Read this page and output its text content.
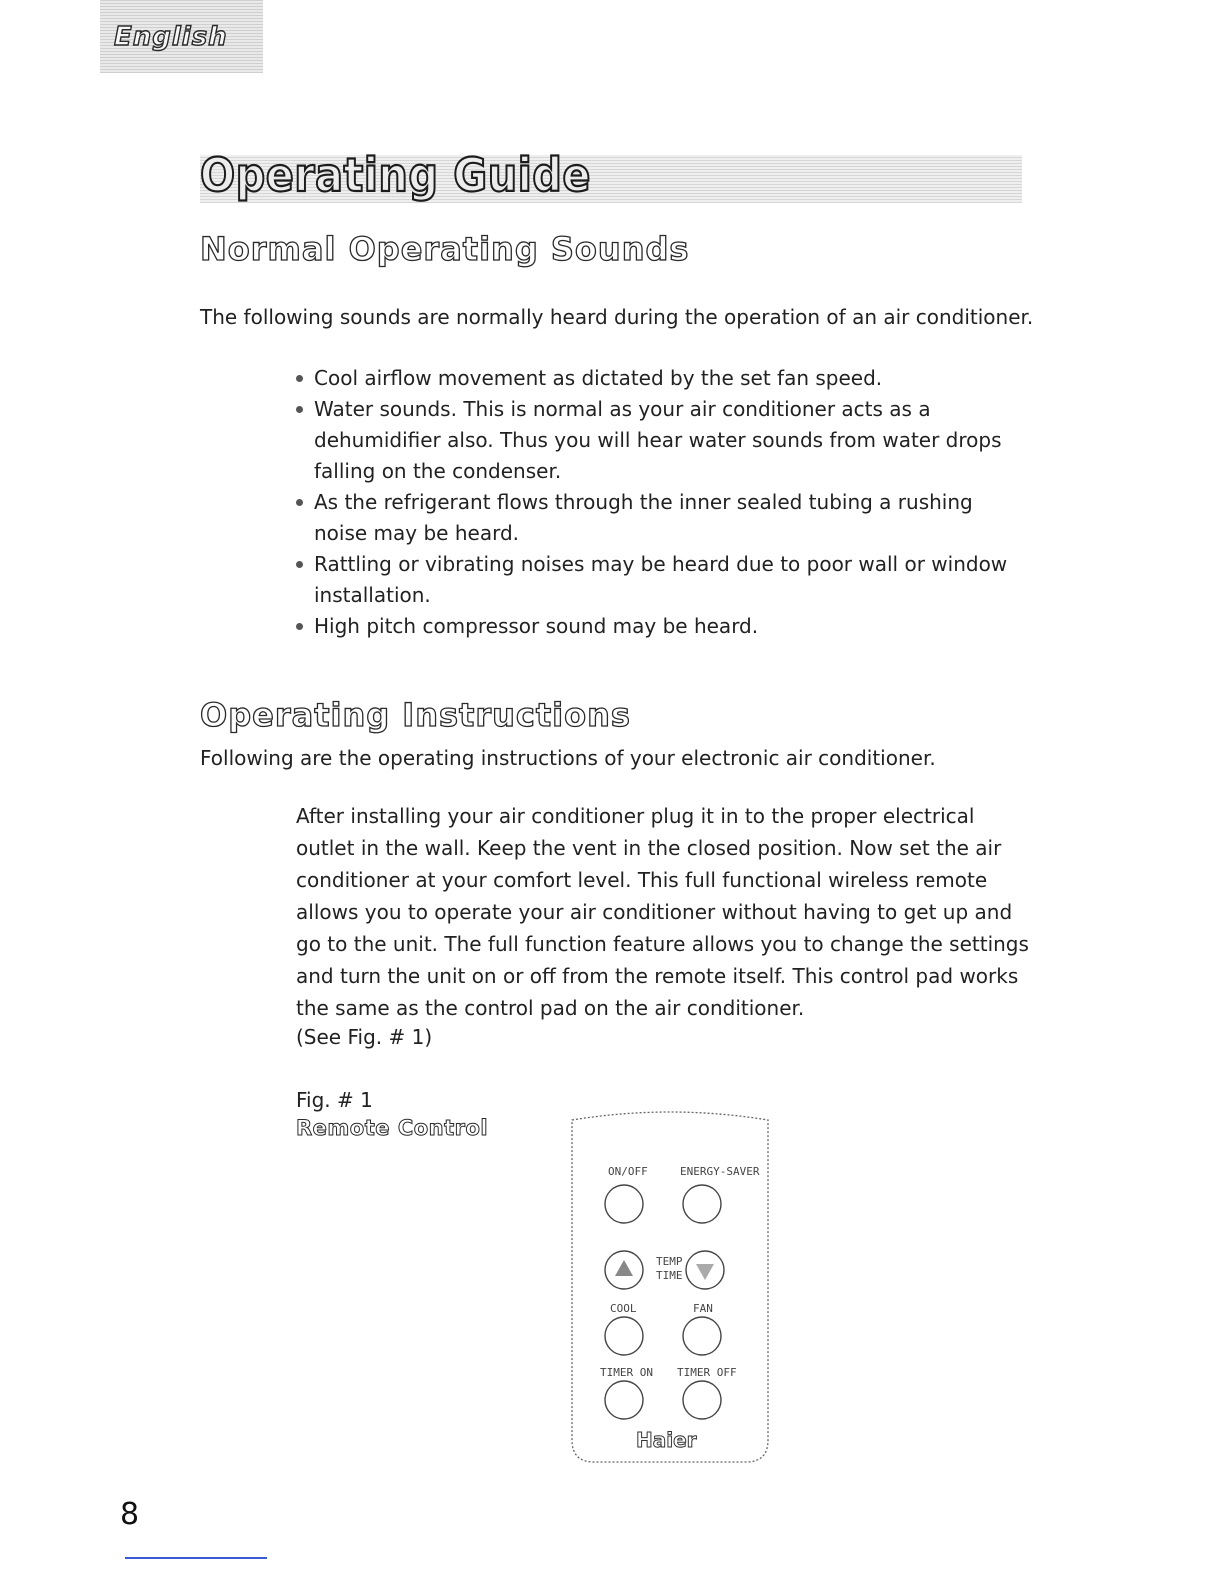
English
Operating Guide
Normal Operating Sounds

The following sounds are normally heard during the operation of an air conditioner.

Cool airflow movement as dictated by the set fan speed.
Water sounds. This is normal as your air conditioner acts as a dehumidifier also. Thus you will hear water sounds from water drops falling on the condenser.
As the refrigerant flows through the inner sealed tubing a rushing noise may be heard.
Rattling or vibrating noises may be heard due to poor wall or window installation.
High pitch compressor sound may be heard.
Operating Instructions

Following are the operating instructions of your electronic air conditioner.

After installing your air conditioner plug it in to the proper electrical outlet in the wall. Keep the vent in the closed position. Now set the air conditioner at your comfort level. This full functional wireless remote allows you to operate your air conditioner without having to get up and go to the unit. The full function feature allows you to change the settings and turn the unit on or off from the remote itself. This control pad works the same as the control pad on the air conditioner.

(See Fig. # 1)

Fig. # 1

Remote Control

ON/OFF	ENERGY-SAVER
TEMP
TIME
COOL	FAN
TIMER ON TIMER OFF
Haier

8
